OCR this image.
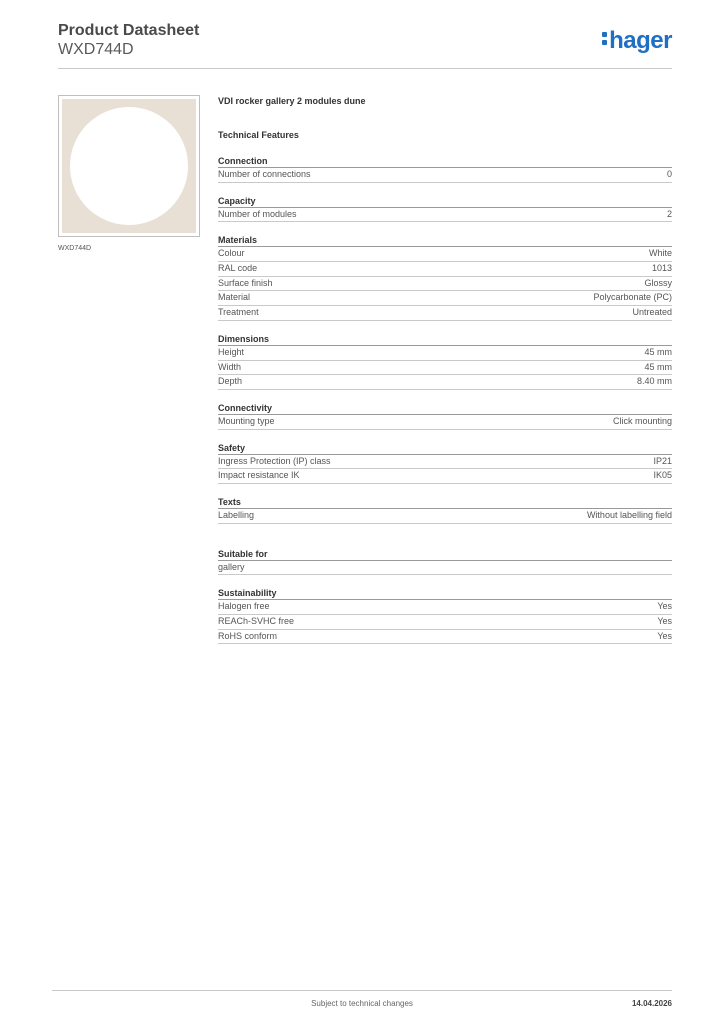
Product Datasheet
WXD744D	hager
WXD744D
VDI rocker gallery 2 modules dune
Technical Features
Connection
Number of connections	0
Capacity
Number of modules	2
Materials
Colour	White
RAL code	1013
Surface finish	Glossy
Material	Polycarbonate (PC)
Treatment	Untreated
Dimensions
Height	45 mm
Width	45 mm
Depth	8.40 mm
Connectivity
Mounting type	Click mounting
Safety
Ingress Protection (IP) class	IP21
Impact resistance IK	IK05
Texts
Labelling	Without labelling field
Suitable for
gallery
Sustainability
Halogen free	Yes
REACh-SVHC free	Yes
RoHS conform	Yes
Subject to technical changes	14.04.2026
